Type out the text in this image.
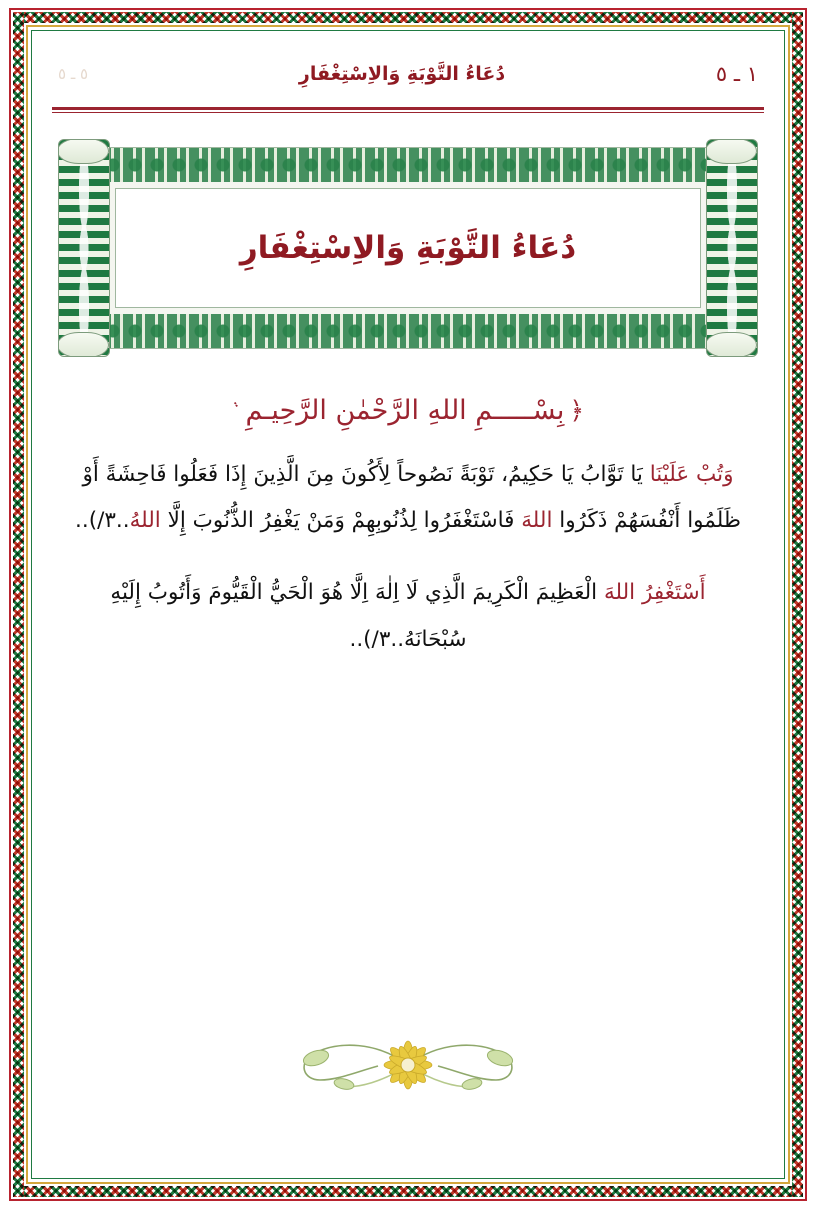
١ ـ ٥
دُعَاءُ التَّوْبَةِ وَالاِسْتِغْفَارِ
٥ ـ ٥
دُعَاءُ التَّوْبَةِ وَالاِسْتِغْفَارِ
﴿ بِسْـــــمِ اللهِ الرَّحْمٰنِ الرَّحِيـمِ ﮽

وَتُبْ عَلَيْنَا يَا تَوَّابُ يَا حَكِيمُ، تَوْبَةً نَصُوحاً لِأَكُونَ مِنَ الَّذِينَ إِذَا فَعَلُوا فَاحِشَةً أَوْ ظَلَمُوا أَنْفُسَهُمْ ذَكَرُوا اللهَ فَاسْتَغْفَرُوا لِذُنُوبِهِمْ وَمَنْ يَغْفِرُ الذُّنُوبَ إِلَّا اللهُ..٣/)..

أَسْتَغْفِرُ اللهَ الْعَظِيمَ الْكَرِيمَ الَّذِي لَا اِلٰهَ اِلَّا هُوَ الْحَيُّ الْقَيُّومَ وَأَتُوبُ إِلَيْهِ سُبْحَانَهُ..٣/)..
